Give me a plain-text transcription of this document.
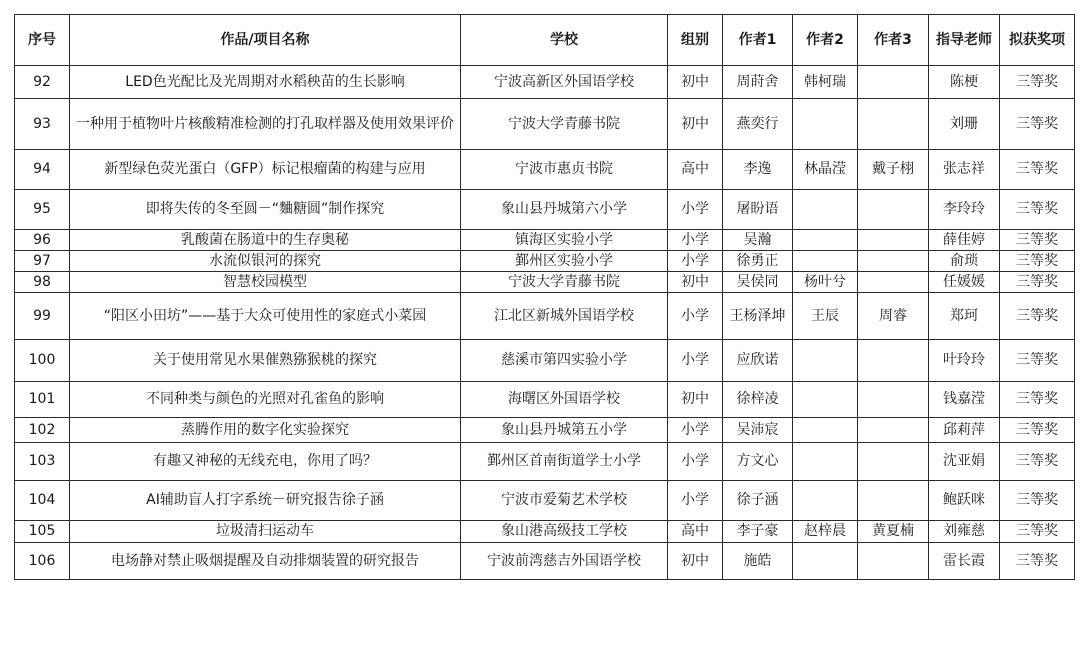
序号	作品/项目名称	学校	组别	作者1	作者2	作者3	指导老师	拟获奖项
92	LED色光配比及光周期对水稻秧苗的生长影响	宁波高新区外国语学校	初中	周莳舍	韩柯瑞		陈梗	三等奖
93	一种用于植物叶片核酸精准检测的打孔取样器及使用效果评价	宁波大学青藤书院	初中	燕奕行			刘珊	三等奖
94	新型绿色荧光蛋白（GFP）标记根瘤菌的构建与应用	宁波市惠贞书院	高中	李逸	林晶滢	戴子栩	张志祥	三等奖
95	即将失传的冬至圆－“麯糖圆”制作探究	象山县丹城第六小学	小学	屠盼语			李玲玲	三等奖
96	乳酸菌在肠道中的生存奥秘	镇海区实验小学	小学	吴瀚			薛佳婷	三等奖
97	水流似银河的探究	鄞州区实验小学	小学	徐勇正			俞琐	三等奖
98	智慧校园模型	宁波大学青藤书院	初中	吴侯同	杨叶兮		任媛媛	三等奖
99	“阳区小田坊”——基于大众可使用性的家庭式小菜园	江北区新城外国语学校	小学	王杨泽坤	王辰	周睿	郑珂	三等奖
100	关于使用常见水果催熟猕猴桃的探究	慈溪市第四实验小学	小学	应欣诺			叶玲玲	三等奖
101	不同种类与颜色的光照对孔雀鱼的影响	海曙区外国语学校	初中	徐梓凌			钱嘉滢	三等奖
102	蒸腾作用的数字化实验探究	象山县丹城第五小学	小学	吴沛宸			邱莉萍	三等奖
103	有趣又神秘的无线充电，你用了吗？	鄞州区首南街道学士小学	小学	方文心			沈亚娟	三等奖
104	AI辅助盲人打字系统－研究报告徐子涵	宁波市爱菊艺术学校	小学	徐子涵			鲍跃咪	三等奖
105	垃圾清扫运动车	象山港高级技工学校	高中	李子豪	赵梓晨	黄夏楠	刘雍慈	三等奖
106	电场静对禁止吸烟提醒及自动排烟装置的研究报告	宁波前湾慈吉外国语学校	初中	施皓			雷长霞	三等奖
